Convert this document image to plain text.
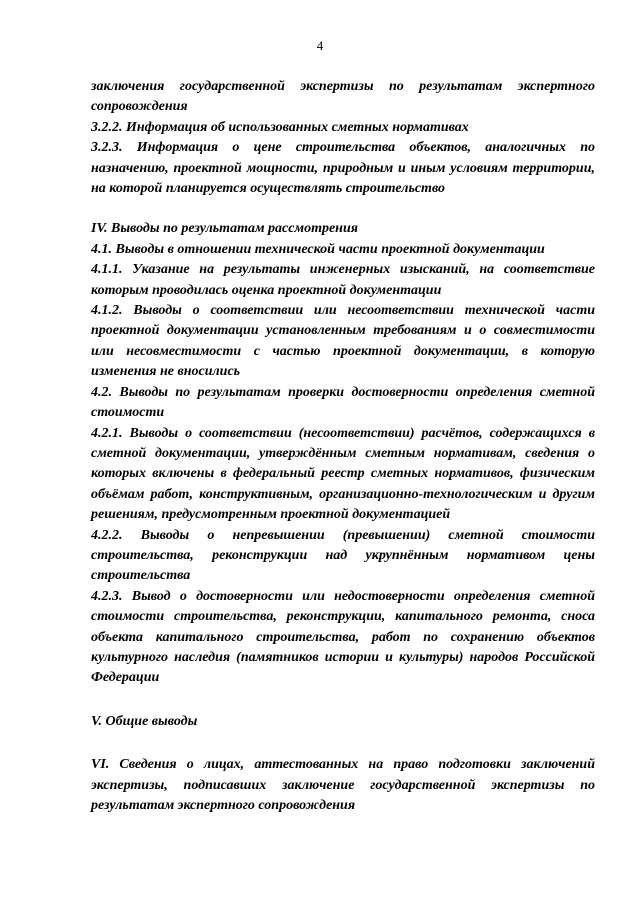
4

заключения государственной экспертизы по результатам экспертного сопровождения

3.2.2. Информация об использованных сметных нормативах

3.2.3. Информация о цене строительства объектов, аналогичных по назначению, проектной мощности, природным и иным условиям территории, на которой планируется осуществлять строительство

IV. Выводы по результатам рассмотрения

4.1. Выводы в отношении технической части проектной документации

4.1.1. Указание на результаты инженерных изысканий, на соответствие которым проводилась оценка проектной документации

4.1.2. Выводы о соответствии или несоответствии технической части проектной документации установленным требованиям и о совместимости или несовместимости с частью проектной документации, в которую изменения не вносились

4.2. Выводы по результатам проверки достоверности определения сметной стоимости

4.2.1. Выводы о соответствии (несоответствии) расчётов, содержащихся в сметной документации, утверждённым сметным нормативам, сведения о которых включены в федеральный реестр сметных нормативов, физическим объёмам работ, конструктивным, организационно-технологическим и другим решениям, предусмотренным проектной документацией

4.2.2. Выводы о непревышении (превышении) сметной стоимости строительства, реконструкции над укрупнённым нормативом цены строительства

4.2.3. Вывод о достоверности или недостоверности определения сметной стоимости строительства, реконструкции, капитального ремонта, сноса объекта капитального строительства, работ по сохранению объектов культурного наследия (памятников истории и культуры) народов Российской Федерации

V. Общие выводы

VI. Сведения о лицах, аттестованных на право подготовки заключений экспертизы, подписавших заключение государственной экспертизы по результатам экспертного сопровождения
